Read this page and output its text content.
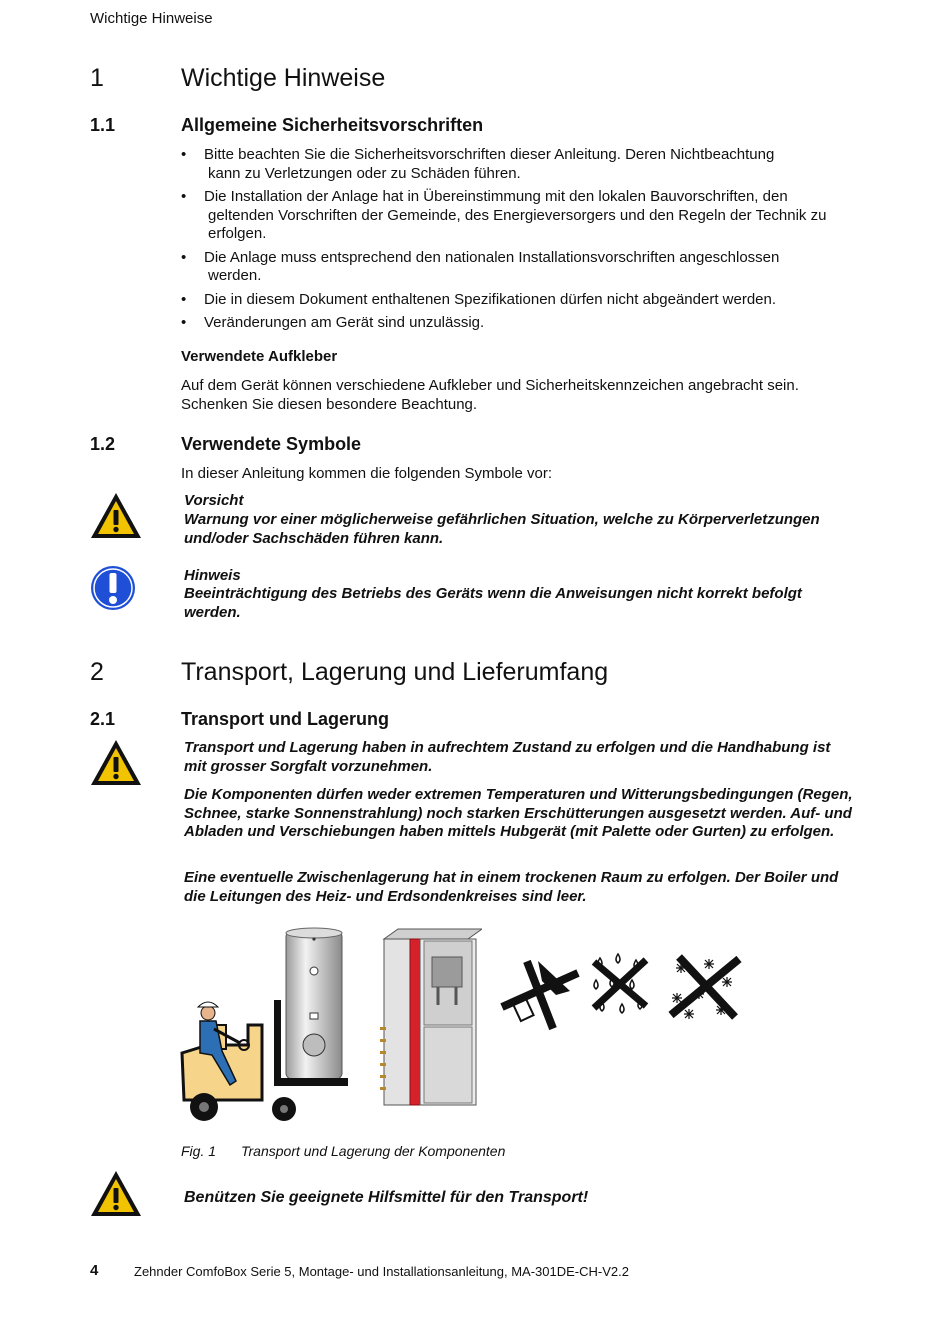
Wichtige Hinweise
1	Wichtige Hinweise
1.1	Allgemeine Sicherheitsvorschriften
• Bitte beachten Sie die Sicherheitsvorschriften dieser Anleitung. Deren Nichtbeachtung
kann zu Verletzungen oder zu Schäden führen.
• Die Installation der Anlage hat in Übereinstimmung mit den lokalen Bauvorschriften, den
geltenden Vorschriften der Gemeinde, des Energieversorgers und den Regeln der Technik zu erfolgen.
• Die Anlage muss entsprechend den nationalen Installationsvorschriften angeschlossen
werden.
• Die in diesem Dokument enthaltenen Spezifikationen dürfen nicht abgeändert werden.
• Veränderungen am Gerät sind unzulässig.
Verwendete Aufkleber
Auf dem Gerät können verschiedene Aufkleber und Sicherheitskennzeichen angebracht sein. Schenken Sie diesen besondere Beachtung.
1.2	Verwendete Symbole
In dieser Anleitung kommen die folgenden Symbole vor:
Vorsicht
Warnung vor einer möglicherweise gefährlichen Situation, welche zu Körperverletzungen und/oder Sachschäden führen kann.
Hinweis
Beeinträchtigung des Betriebs des Geräts wenn die Anweisungen nicht korrekt befolgt werden.
2	Transport, Lagerung und Lieferumfang
2.1	Transport und Lagerung
Transport und Lagerung haben in aufrechtem Zustand zu erfolgen und die Handhabung ist mit grosser Sorgfalt vorzunehmen.
Die Komponenten dürfen weder extremen Temperaturen und Witterungsbedingungen (Regen, Schnee, starke Sonnenstrahlung) noch starken Erschütterungen ausgesetzt werden. Auf- und Abladen und Verschiebungen haben mittels Hubgerät (mit Palette oder Gurten) zu erfolgen.
Eine eventuelle Zwischenlagerung hat in einem trockenen Raum zu erfolgen. Der Boiler und die Leitungen des Heiz- und Erdsondenkreises sind leer.
Fig. 1 Transport und Lagerung der Komponenten
Benützen Sie geeignete Hilfsmittel für den Transport!
4	Zehnder ComfoBox Serie 5, Montage- und Installationsanleitung, MA-301DE-CH-V2.2
